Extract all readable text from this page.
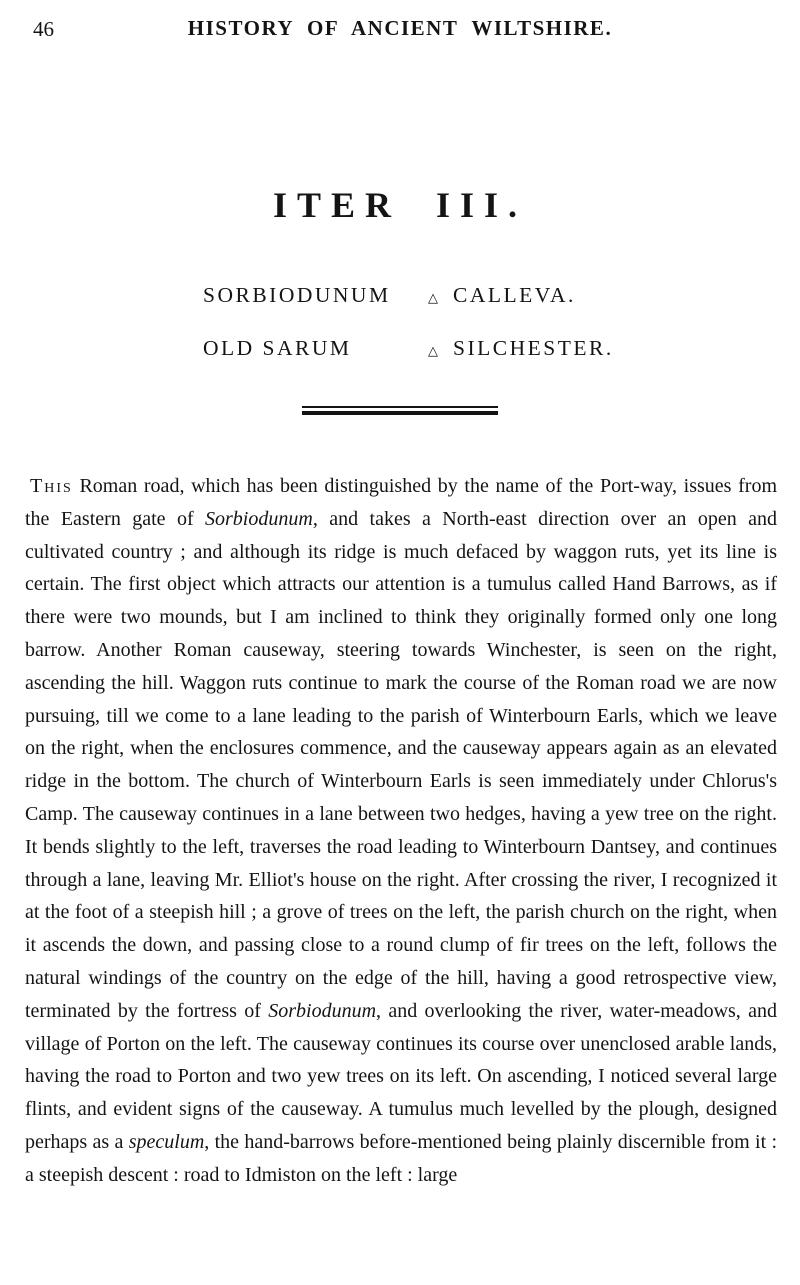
46	HISTORY OF ANCIENT WILTSHIRE.
ITER III.
SORBIODUNUM	△ CALLEVA.
OLD SARUM	△ SILCHESTER.

This Roman road, which has been distinguished by the name of the Port-way, issues from the Eastern gate of Sorbiodunum, and takes a North-east direction over an open and cultivated country ; and although its ridge is much defaced by waggon ruts, yet its line is certain. The first object which attracts our attention is a tumulus called Hand Barrows, as if there were two mounds, but I am inclined to think they originally formed only one long barrow. Another Roman causeway, steering towards Winchester, is seen on the right, ascending the hill. Waggon ruts continue to mark the course of the Roman road we are now pursuing, till we come to a lane leading to the parish of Winterbourn Earls, which we leave on the right, when the enclosures commence, and the causeway appears again as an elevated ridge in the bottom. The church of Winterbourn Earls is seen immediately under Chlorus's Camp. The causeway continues in a lane between two hedges, having a yew tree on the right. It bends slightly to the left, traverses the road leading to Winterbourn Dantsey, and continues through a lane, leaving Mr. Elliot's house on the right. After crossing the river, I recognized it at the foot of a steepish hill ; a grove of trees on the left, the parish church on the right, when it ascends the down, and passing close to a round clump of fir trees on the left, follows the natural windings of the country on the edge of the hill, having a good retrospective view, terminated by the fortress of Sorbiodunum, and overlooking the river, water-meadows, and village of Porton on the left. The causeway continues its course over unenclosed arable lands, having the road to Porton and two yew trees on its left. On ascending, I noticed several large flints, and evident signs of the causeway. A tumulus much levelled by the plough, designed perhaps as a speculum, the hand-barrows before-mentioned being plainly discernible from it : a steepish descent : road to Idmiston on the left : large
